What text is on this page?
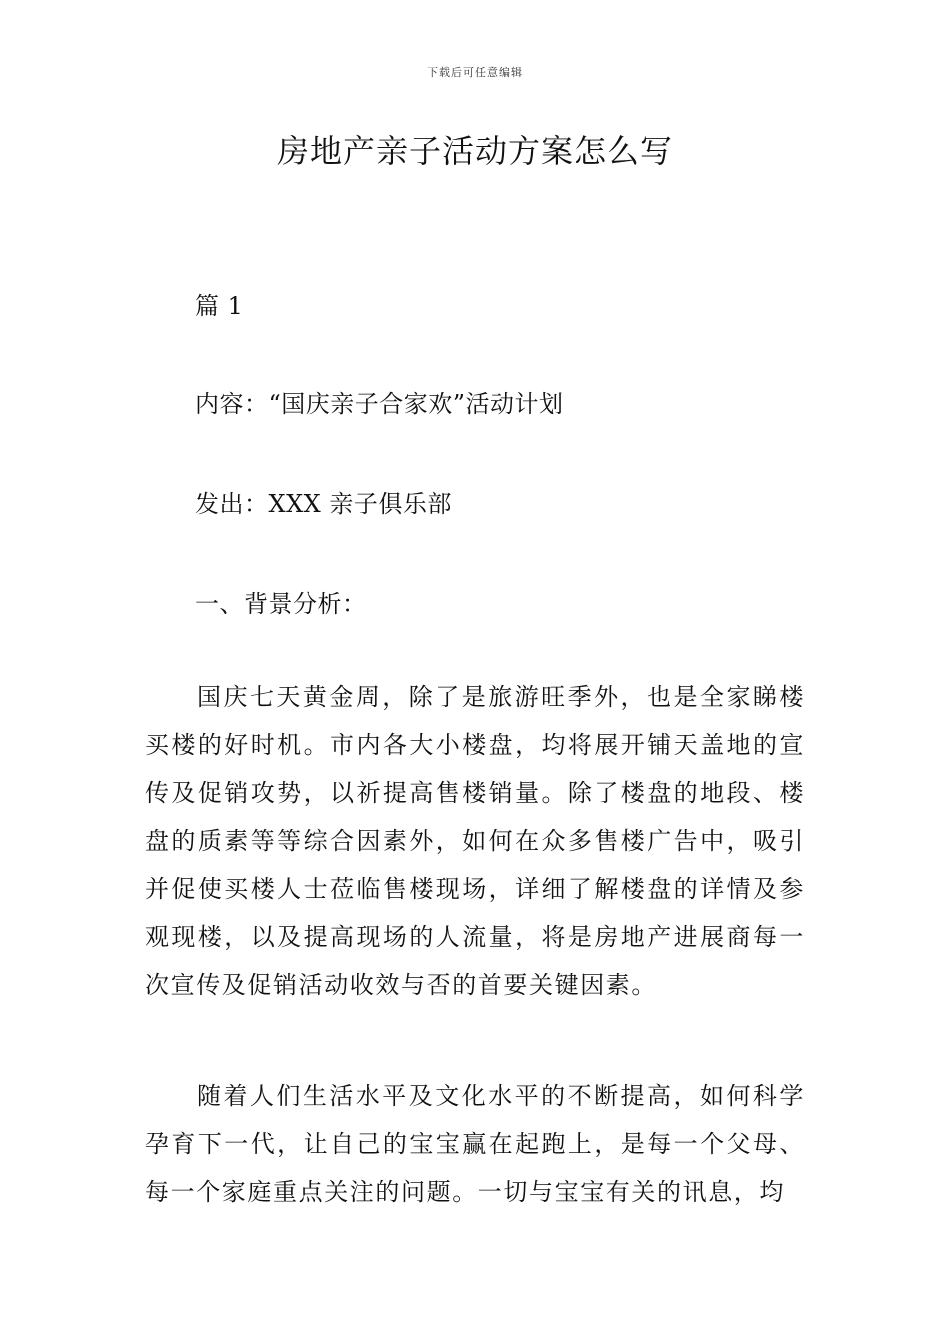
下载后可任意编辑
房地产亲子活动方案怎么写
篇 1
内容：“国庆亲子合家欢”活动计划
发出：XXX 亲子俱乐部
一、背景分析：

国庆七天黄金周，除了是旅游旺季外，也是全家睇楼买楼的好时机。市内各大小楼盘，均将展开铺天盖地的宣传及促销攻势，以祈提高售楼销量。除了楼盘的地段、楼盘的质素等等综合因素外，如何在众多售楼广告中，吸引并促使买楼人士莅临售楼现场，详细了解楼盘的详情及参观现楼，以及提高现场的人流量，将是房地产进展商每一次宣传及促销活动收效与否的首要关键因素。

随着人们生活水平及文化水平的不断提高，如何科学孕育下一代，让自己的宝宝赢在起跑上，是每一个父母、每一个家庭重点关注的问题。一切与宝宝有关的讯息，均
